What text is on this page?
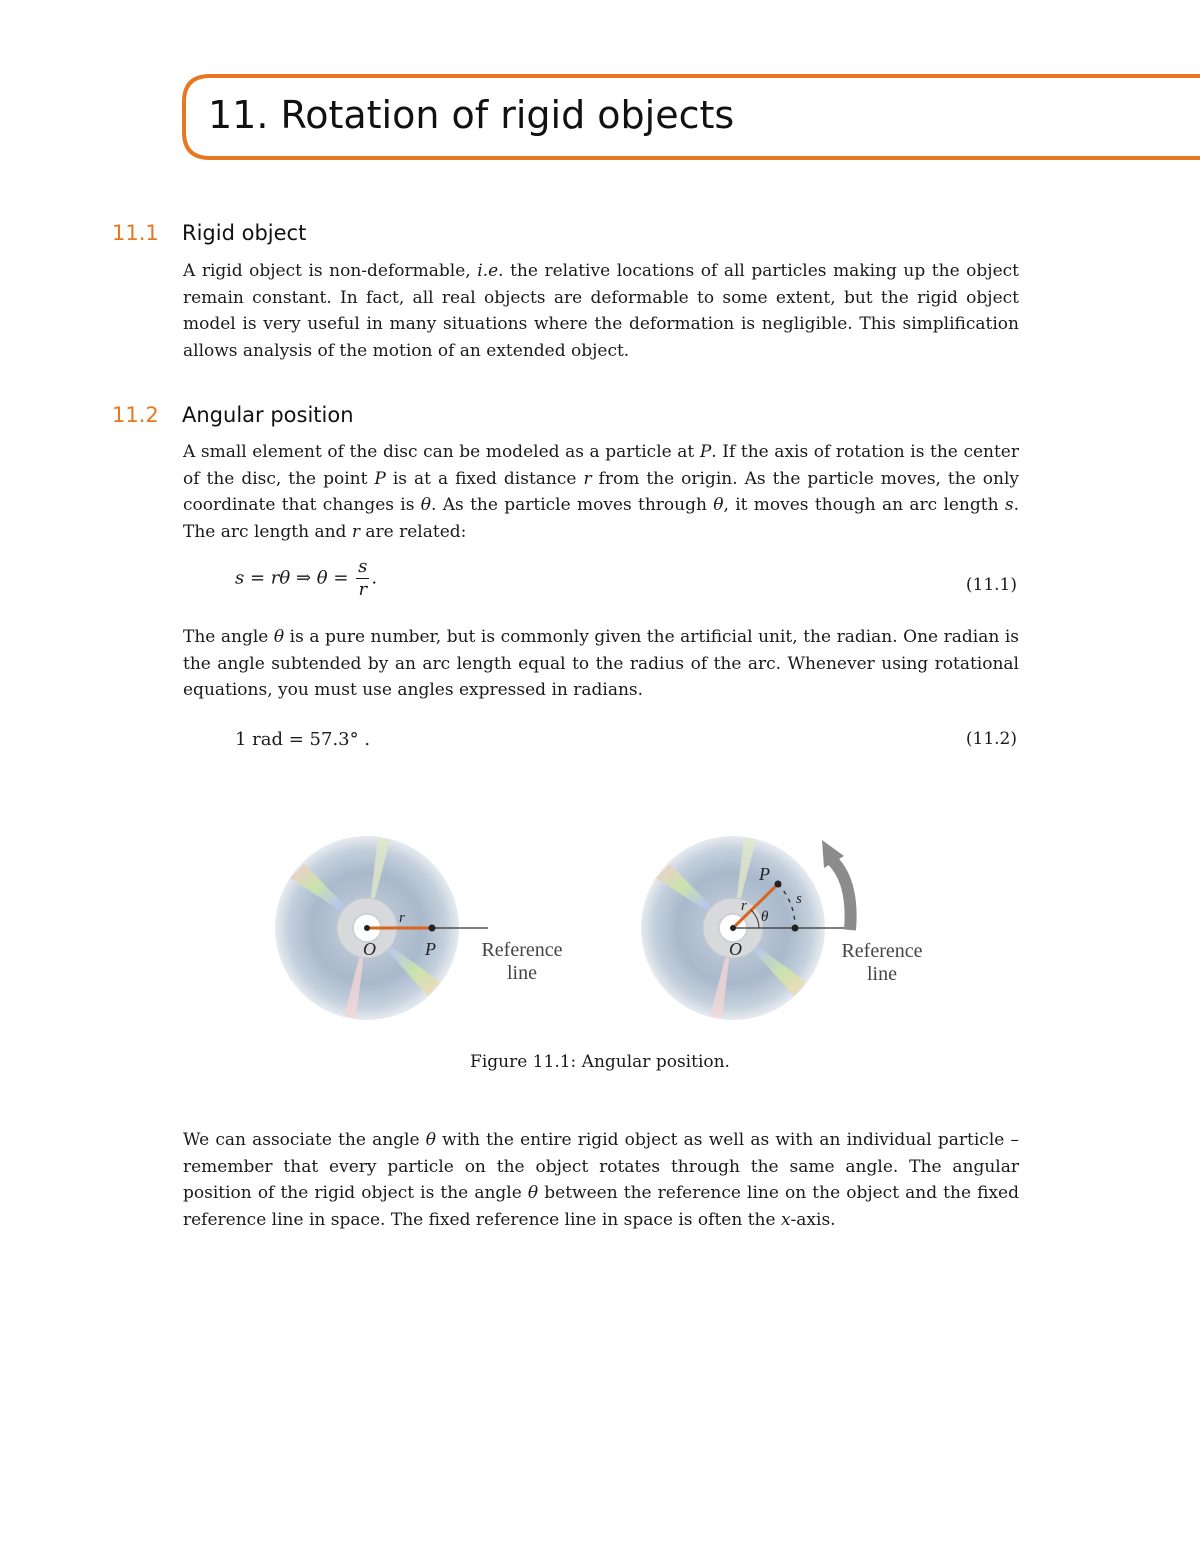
11. Rotation of rigid objects
11.1 Rigid object

A rigid object is non-deformable, i.e. the relative locations of all particles making up the object remain constant. In fact, all real objects are deformable to some extent, but the rigid object model is very useful in many situations where the deformation is negligible. This simplification allows analysis of the motion of an extended object.

11.2 Angular position

A small element of the disc can be modeled as a particle at P. If the axis of rotation is the center of the disc, the point P is at a fixed distance r from the origin. As the particle moves, the only coordinate that changes is θ. As the particle moves through θ, it moves though an arc length s. The arc length and r are related:

s = rθ ⇒ $\theta = \frac{s}{r}$ .	(11.1)

The angle θ is a pure number, but is commonly given the artificial unit, the radian. One radian is the angle subtended by an arc length equal to the radius of the arc. Whenever using rotational equations, you must use angles expressed in radians.

1 rad = 57.3° .	(11.2)
O	P
r
Reference
line
O
P
r	s
θ
Reference
line
Figure 11.1: Angular position.

We can associate the angle θ with the entire rigid object as well as with an individual particle – remember that every particle on the object rotates through the same angle. The angular position of the rigid object is the angle θ between the reference line on the object and the fixed reference line in space. The fixed reference line in space is often the x-axis.
